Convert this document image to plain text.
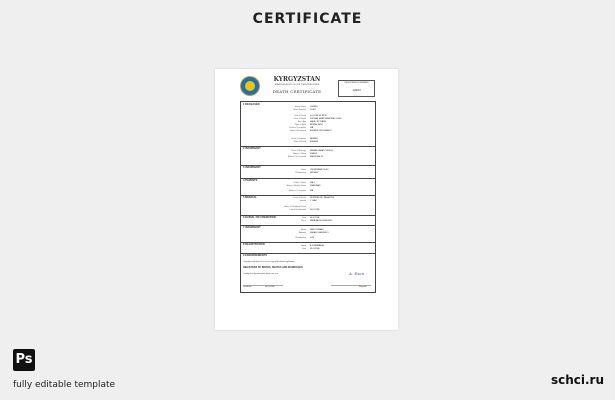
CERTIFICATE
KYRGYZSTAN
STATE REGISTRY OF CIVIL STATUS RECORDS
DEATH CERTIFICATE
REGISTRATION NUMBER
12924
1 DECEASED
Family Name CHIRIEV
Given Name(s) DORJI
Date of Death 0.01.1986 09:32PM
Place of Death KURGAN JAMAT MEMORIAL CLINIC
Sex / Age MALE / 84 YEARS
Place of Birth ABYRAL KENT
Father's Occupation N/A
Father's Residence BISHKEK KENT, ASIA ST
Usual Occupation FARMER
Place of Burial BISHKEK
2 INFORMANT
Place of Marriage KASHAN JANAT CHURCH
Spouse's Name ZHAKUL
Relation to Deceased KAKUN KALYK
3 INFORMANT
Name CHOMURBEKOV ALI
Relationship NEPHEW
4 PARENTS
Father's Name N/A 1
Mother's Maiden Name ZHAKUMAS
Mother's Occupation N/A
5 MEDICAL	Cause of Death RESPIRATORY PARALYSIS
Interval 1 YEAR
Name of Certifying Doctor
Date of Certification 01.01.1986
6 BURIAL OR CREMATION	Date 03.01.1986
Place KARA-BALTA CEMETERY
7 INFORMANT
Name ZAKIR JUMAEV
Address KARAKOL AVENUE 5
Relationship SON
8 REGISTRATION	Name A. ESENBAEVA
Date 09.01.1986
9 ENDORSEMENTS
I hereby certify that this is a true copy of the death registration.
REGISTRAR OF BIRTHS, DEATHS AND MARRIAGES
I certify that the particulars above are true.	A. Esen
Certificate	09.01.1986	Registrar
Ps
fully editable template	schci.ru
